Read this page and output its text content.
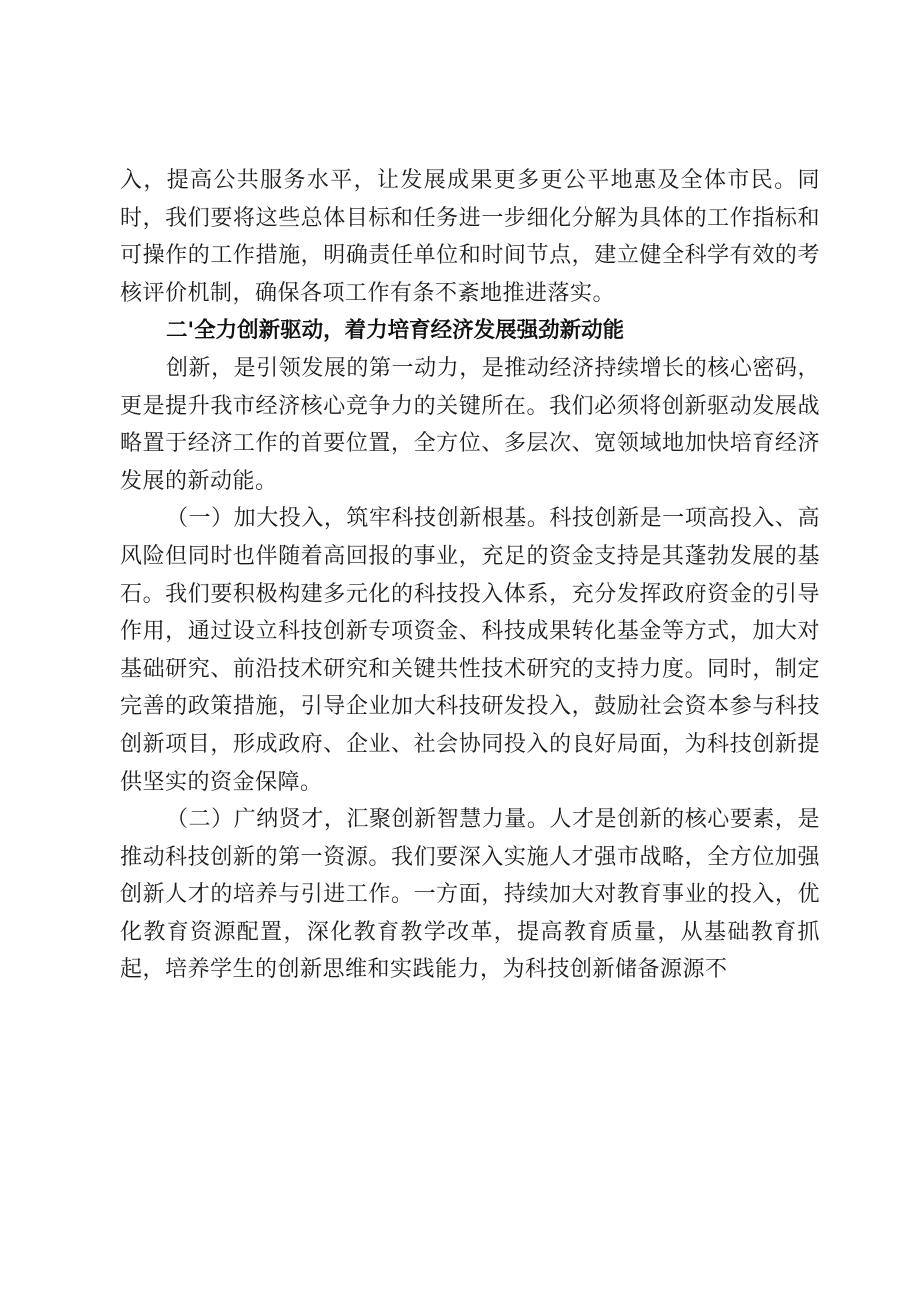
入，提高公共服务水平，让发展成果更多更公平地惠及全体市民。同时，我们要将这些总体目标和任务进一步细化分解为具体的工作指标和可操作的工作措施，明确责任单位和时间节点，建立健全科学有效的考核评价机制，确保各项工作有条不紊地推进落实。

二'全力创新驱动，着力培育经济发展强劲新动能

创新，是引领发展的第一动力，是推动经济持续增长的核心密码，更是提升我市经济核心竞争力的关键所在。我们必须将创新驱动发展战略置于经济工作的首要位置，全方位、多层次、宽领域地加快培育经济发展的新动能。

（一）加大投入，筑牢科技创新根基。科技创新是一项高投入、高风险但同时也伴随着高回报的事业，充足的资金支持是其蓬勃发展的基石。我们要积极构建多元化的科技投入体系，充分发挥政府资金的引导作用，通过设立科技创新专项资金、科技成果转化基金等方式，加大对基础研究、前沿技术研究和关键共性技术研究的支持力度。同时，制定完善的政策措施，引导企业加大科技研发投入，鼓励社会资本参与科技创新项目，形成政府、企业、社会协同投入的良好局面，为科技创新提供坚实的资金保障。

（二）广纳贤才，汇聚创新智慧力量。人才是创新的核心要素，是推动科技创新的第一资源。我们要深入实施人才强市战略，全方位加强创新人才的培养与引进工作。一方面，持续加大对教育事业的投入，优化教育资源配置，深化教育教学改革，提高教育质量，从基础教育抓起，培养学生的创新思维和实践能力，为科技创新储备源源不
